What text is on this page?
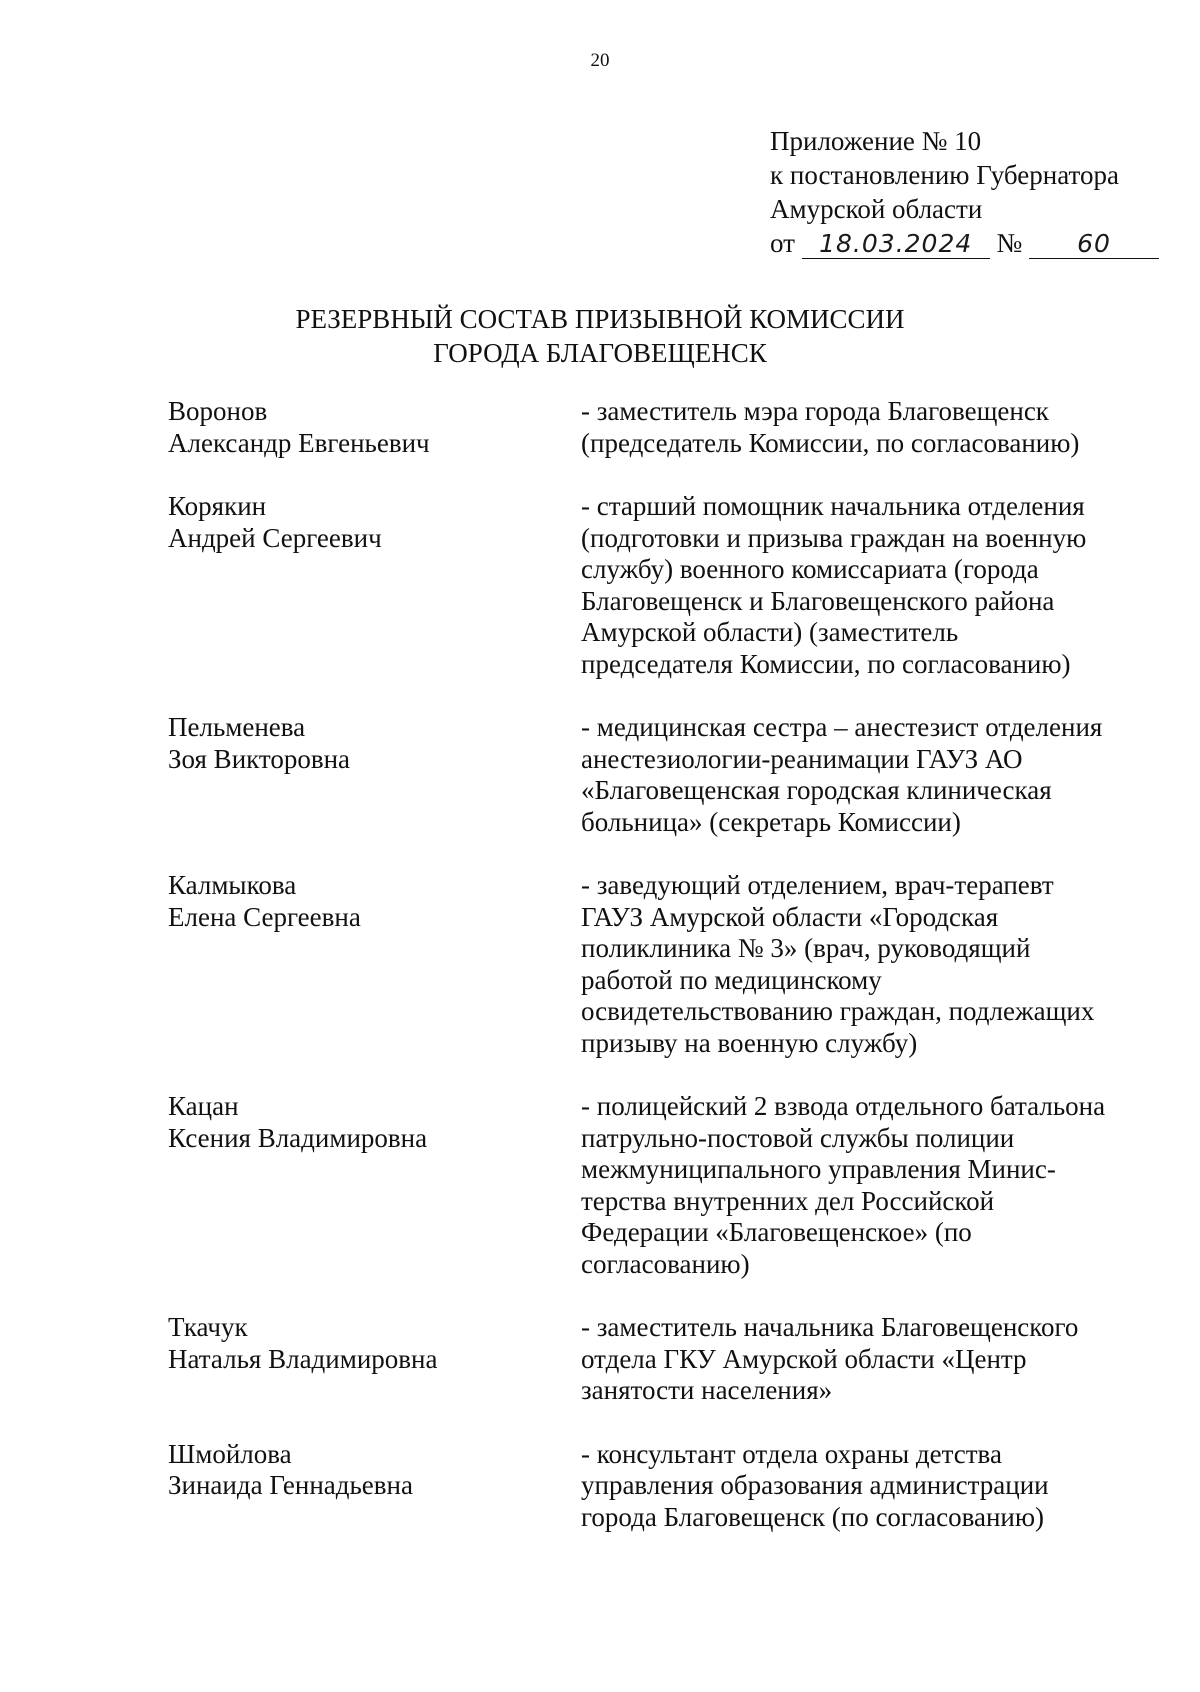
20
Приложение № 10
к постановлению Губернатора
Амурской области
от 18.03.2024 № 60
РЕЗЕРВНЫЙ СОСТАВ ПРИЗЫВНОЙ КОМИССИИ
ГОРОДА БЛАГОВЕЩЕНСК
Воронов
Александр Евгеньевич
- заместитель мэра города Благовещенск
(председатель Комиссии, по согласованию)
Корякин
Андрей Сергеевич
- старший помощник начальника отделения
(подготовки и призыва граждан на военную
службу) военного комиссариата (города
Благовещенск и Благовещенского района
Амурской области) (заместитель
председателя Комиссии, по согласованию)
Пельменева
Зоя Викторовна
- медицинская сестра – анестезист отделения
анестезиологии-реанимации ГАУЗ АО
«Благовещенская городская клиническая
больница» (секретарь Комиссии)
Калмыкова
Елена Сергеевна
- заведующий отделением, врач-терапевт
ГАУЗ Амурской области «Городская
поликлиника № 3» (врач, руководящий
работой по медицинскому
освидетельствованию граждан, подлежащих
призыву на военную службу)
Кацан
Ксения Владимировна
- полицейский 2 взвода отдельного батальона
патрульно-постовой службы полиции
межмуниципального управления Минис-
терства внутренних дел Российской
Федерации «Благовещенское» (по
согласованию)
Ткачук
Наталья Владимировна
- заместитель начальника Благовещенского
отдела ГКУ Амурской области «Центр
занятости населения»
Шмойлова
Зинаида Геннадьевна
- консультант отдела охраны детства
управления образования администрации
города Благовещенск (по согласованию)
